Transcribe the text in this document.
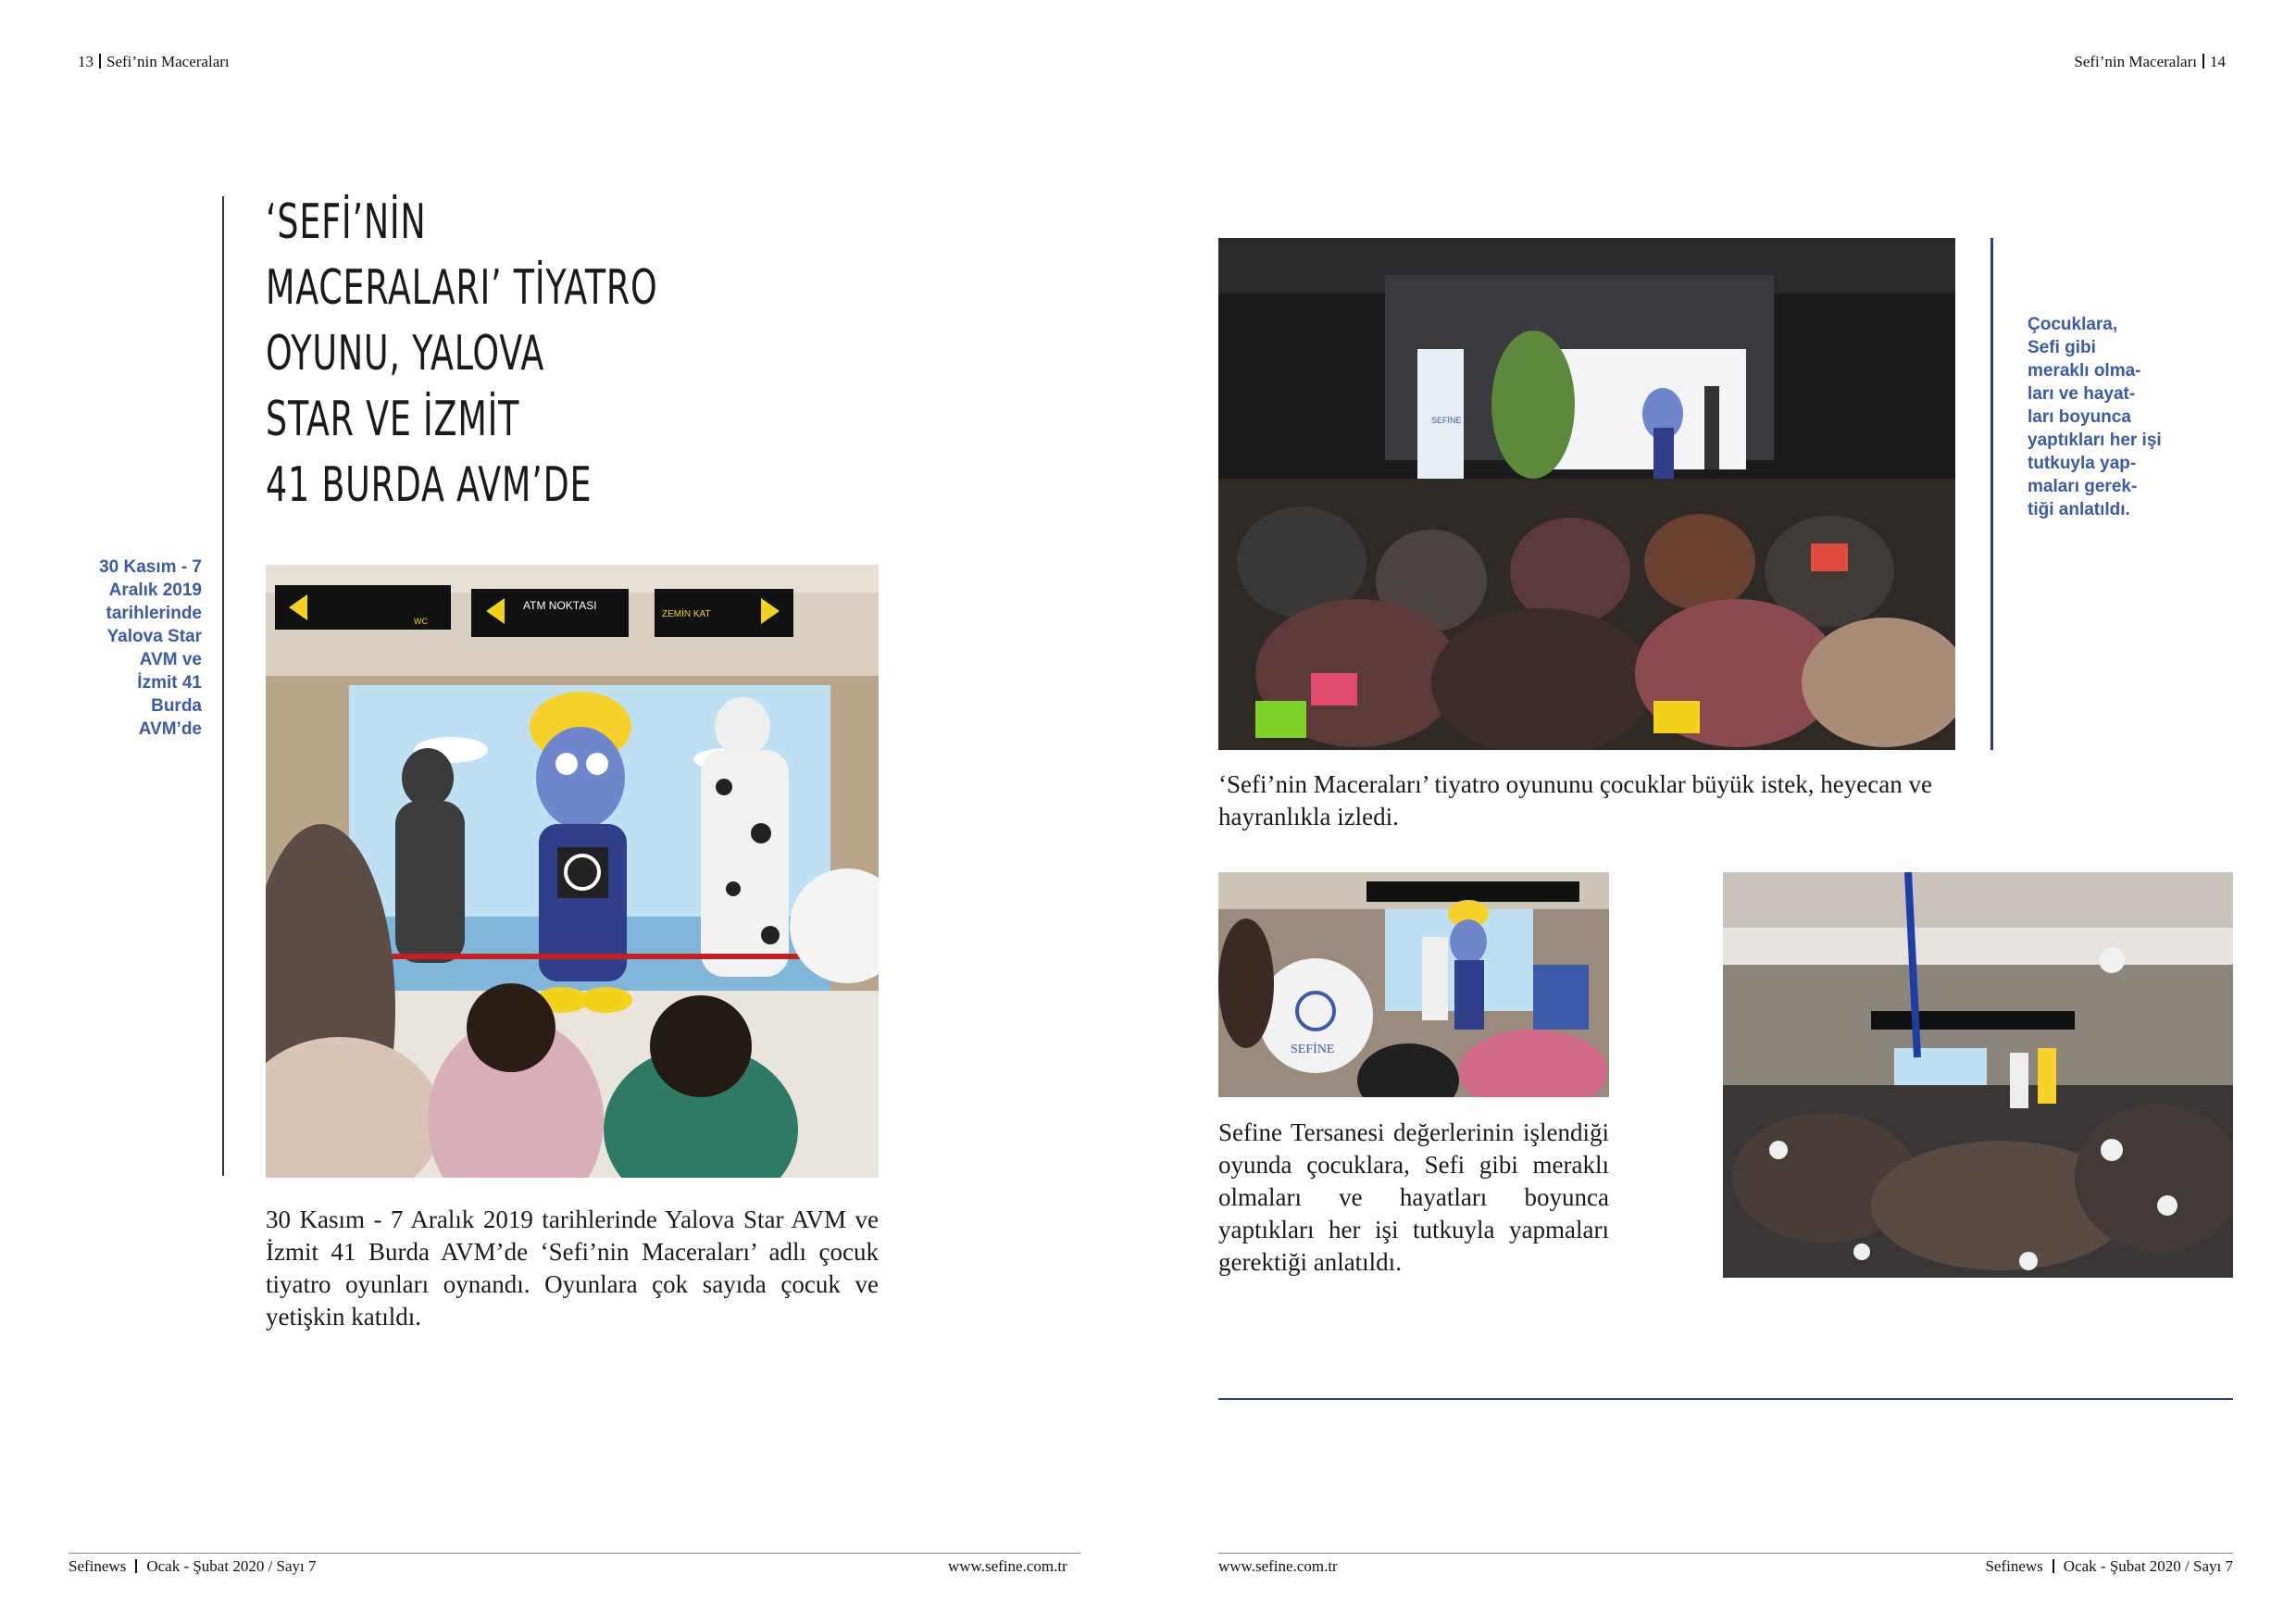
13 Sefi’nin Maceraları	Sefi’nin Maceraları 14
‘SEFİ’NİN
MACERALARI’ TİYATRO
OYUNU, YALOVA
STAR VE İZMİT
41 BURDA AVM’DE
30 Kasım - 7
Aralık 2019
tarihlerinde
Yalova Star
AVM ve
İzmit 41
Burda
AVM’de
ATM NOKTASI
ZEMİN KAT
WC
30 Kasım - 7 Aralık 2019 tarihlerinde Yalova Star AVM ve İzmit 41 Burda AVM’de ‘Sefi’nin Maceraları’ adlı çocuk tiyatro oyunları oynandı. Oyunlara çok sayıda çocuk ve yetişkin katıldı.
Sefinews Ocak - Şubat 2020 / Sayı 7	www.sefine.com.tr
SEFİNE
Çocuklara,
Sefi gibi
meraklı olma-
ları ve hayat-
ları boyunca
yaptıkları her işi
tutkuyla yap-
maları gerek-
tiği anlatıldı.
‘Sefi’nin Maceraları’ tiyatro oyununu çocuklar büyük istek, heyecan ve hayranlıkla izledi.
SEFİNE
Sefine Tersanesi değerlerinin işlendiği oyunda çocuklara, Sefi gibi meraklı olmaları ve hayatları boyunca yaptıkları her işi tutkuyla yapmaları gerektiği anlatıldı.
www.sefine.com.tr	Sefinews Ocak - Şubat 2020 / Sayı 7
